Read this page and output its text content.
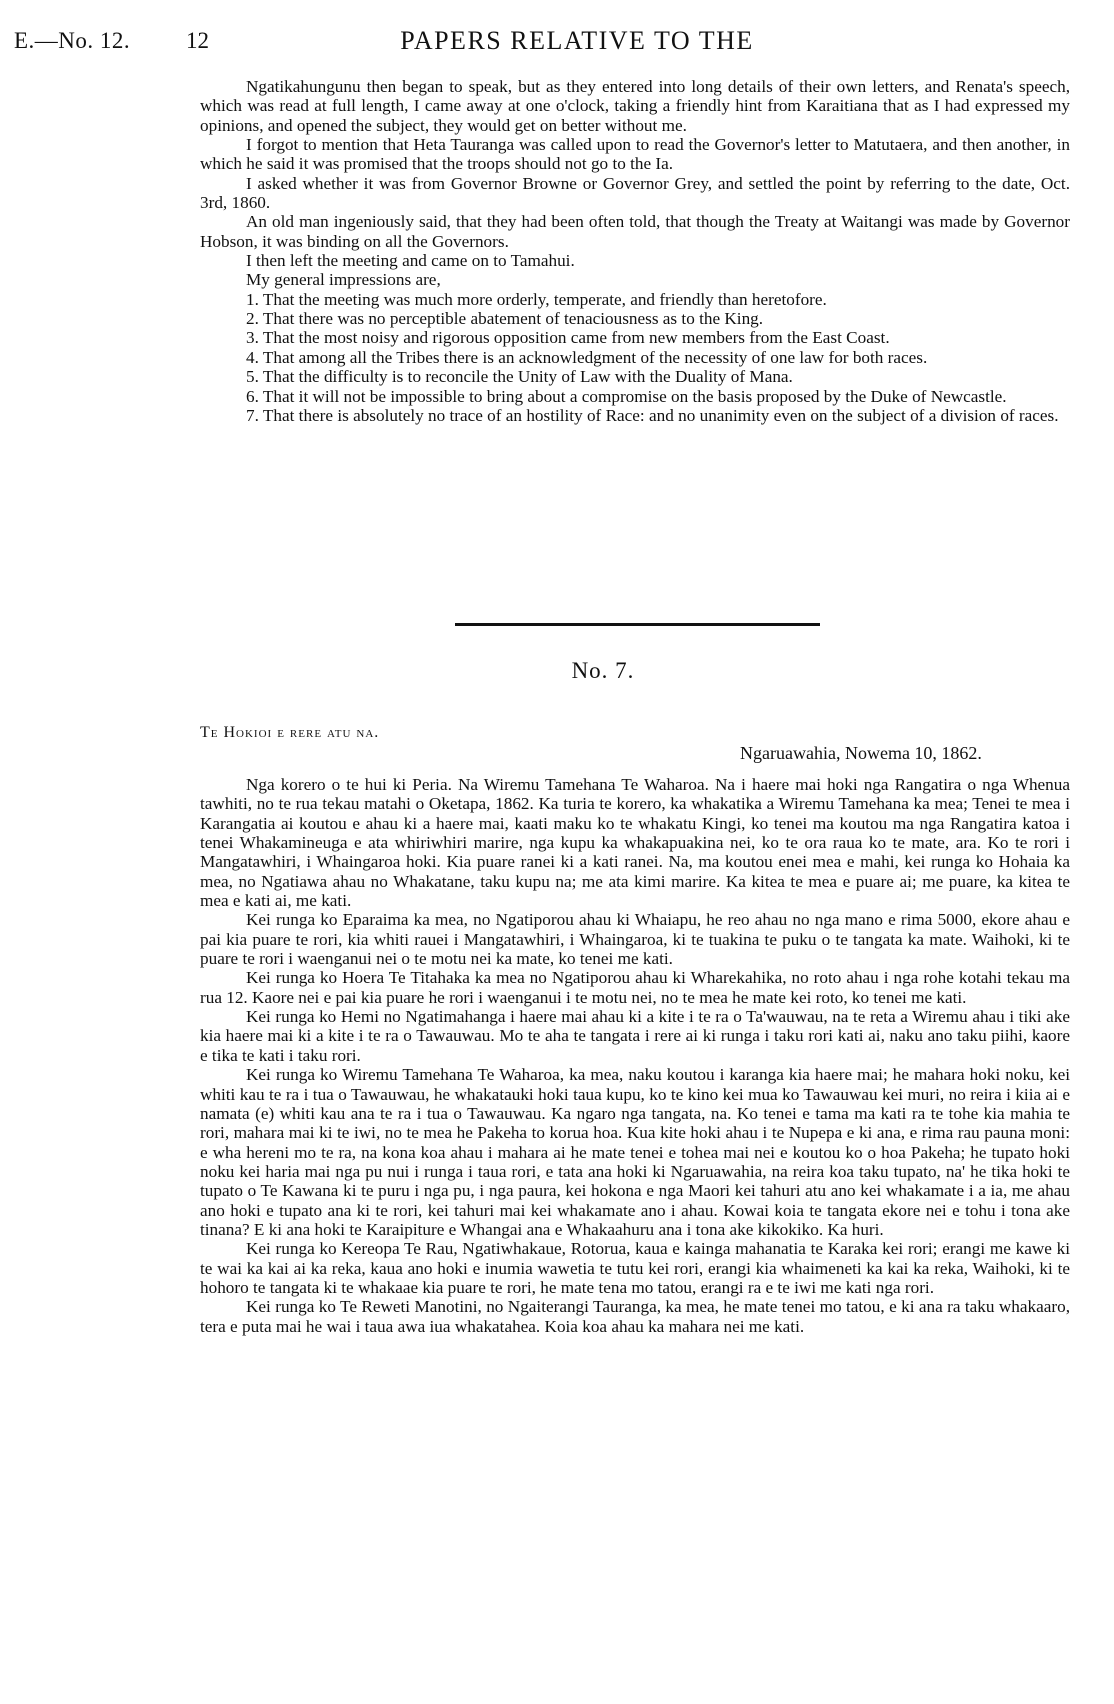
E.—No. 12. 12	PAPERS RELATIVE TO THE

Ngatikahungunu then began to speak, but as they entered into long details of their own letters, and Renata's speech, which was read at full length, I came away at one o'clock, taking a friendly hint from Karaitiana that as I had expressed my opinions, and opened the subject, they would get on better without me.

I forgot to mention that Heta Tauranga was called upon to read the Governor's letter to Matutaera, and then another, in which he said it was promised that the troops should not go to the Ia.

I asked whether it was from Governor Browne or Governor Grey, and settled the point by referring to the date, Oct. 3rd, 1860.

An old man ingeniously said, that they had been often told, that though the Treaty at Waitangi was made by Governor Hobson, it was binding on all the Governors.

I then left the meeting and came on to Tamahui.

My general impressions are,

1. That the meeting was much more orderly, temperate, and friendly than heretofore.

2. That there was no perceptible abatement of tenaciousness as to the King.

3. That the most noisy and rigorous opposition came from new members from the East Coast.

4. That among all the Tribes there is an acknowledgment of the necessity of one law for both races.

5. That the difficulty is to reconcile the Unity of Law with the Duality of Mana.

6. That it will not be impossible to bring about a compromise on the basis proposed by the Duke of Newcastle.

7. That there is absolutely no trace of an hostility of Race: and no unanimity even on the subject of a division of races.

No. 7.
Te Hokioi e rere atu na.
Ngaruawahia, Nowema 10, 1862.

Nga korero o te hui ki Peria. Na Wiremu Tamehana Te Waharoa. Na i haere mai hoki nga Rangatira o nga Whenua tawhiti, no te rua tekau matahi o Oketapa, 1862. Ka turia te korero, ka whakatika a Wiremu Tamehana ka mea; Tenei te mea i Karangatia ai koutou e ahau ki a haere mai, kaati maku ko te whakatu Kingi, ko tenei ma koutou ma nga Rangatira katoa i tenei Whakamineuga e ata whiriwhiri marire, nga kupu ka whakapuakina nei, ko te ora raua ko te mate, ara. Ko te rori i Mangatawhiri, i Whaingaroa hoki. Kia puare ranei ki a kati ranei. Na, ma koutou enei mea e mahi, kei runga ko Hohaia ka mea, no Ngatiawa ahau no Whakatane, taku kupu na; me ata kimi marire. Ka kitea te mea e puare ai; me puare, ka kitea te mea e kati ai, me kati.

Kei runga ko Eparaima ka mea, no Ngatiporou ahau ki Whaiapu, he reo ahau no nga mano e rima 5000, ekore ahau e pai kia puare te rori, kia whiti rauei i Mangatawhiri, i Whaingaroa, ki te tuakina te puku o te tangata ka mate. Waihoki, ki te puare te rori i waenganui nei o te motu nei ka mate, ko tenei me kati.

Kei runga ko Hoera Te Titahaka ka mea no Ngatiporou ahau ki Wharekahika, no roto ahau i nga rohe kotahi tekau ma rua 12. Kaore nei e pai kia puare he rori i waenganui i te motu nei, no te mea he mate kei roto, ko tenei me kati.

Kei runga ko Hemi no Ngatimahanga i haere mai ahau ki a kite i te ra o Ta'wauwau, na te reta a Wiremu ahau i tiki ake kia haere mai ki a kite i te ra o Tawauwau. Mo te aha te tangata i rere ai ki runga i taku rori kati ai, naku ano taku piihi, kaore e tika te kati i taku rori.

Kei runga ko Wiremu Tamehana Te Waharoa, ka mea, naku koutou i karanga kia haere mai; he mahara hoki noku, kei whiti kau te ra i tua o Tawauwau, he whakatauki hoki taua kupu, ko te kino kei mua ko Tawauwau kei muri, no reira i kiia ai e namata (e) whiti kau ana te ra i tua o Tawauwau. Ka ngaro nga tangata, na. Ko tenei e tama ma kati ra te tohe kia mahia te rori, mahara mai ki te iwi, no te mea he Pakeha to korua hoa. Kua kite hoki ahau i te Nupepa e ki ana, e rima rau pauna moni: e wha hereni mo te ra, na kona koa ahau i mahara ai he mate tenei e tohea mai nei e koutou ko o hoa Pakeha; he tupato hoki noku kei haria mai nga pu nui i runga i taua rori, e tata ana hoki ki Ngaruawahia, na reira koa taku tupato, na' he tika hoki te tupato o Te Kawana ki te puru i nga pu, i nga paura, kei hokona e nga Maori kei tahuri atu ano kei whakamate i a ia, me ahau ano hoki e tupato ana ki te rori, kei tahuri mai kei whakamate ano i ahau. Kowai koia te tangata ekore nei e tohu i tona ake tinana? E ki ana hoki te Karaipiture e Whangai ana e Whakaahuru ana i tona ake kikokiko. Ka huri.

Kei runga ko Kereopa Te Rau, Ngatiwhakaue, Rotorua, kaua e kainga mahanatia te Karaka kei rori; erangi me kawe ki te wai ka kai ai ka reka, kaua ano hoki e inumia wawetia te tutu kei rori, erangi kia whaimeneti ka kai ka reka, Waihoki, ki te hohoro te tangata ki te whakaae kia puare te rori, he mate tena mo tatou, erangi ra e te iwi me kati nga rori.

Kei runga ko Te Reweti Manotini, no Ngaiterangi Tauranga, ka mea, he mate tenei mo tatou, e ki ana ra taku whakaaro, tera e puta mai he wai i taua awa iua whakatahea. Koia koa ahau ka mahara nei me kati.
